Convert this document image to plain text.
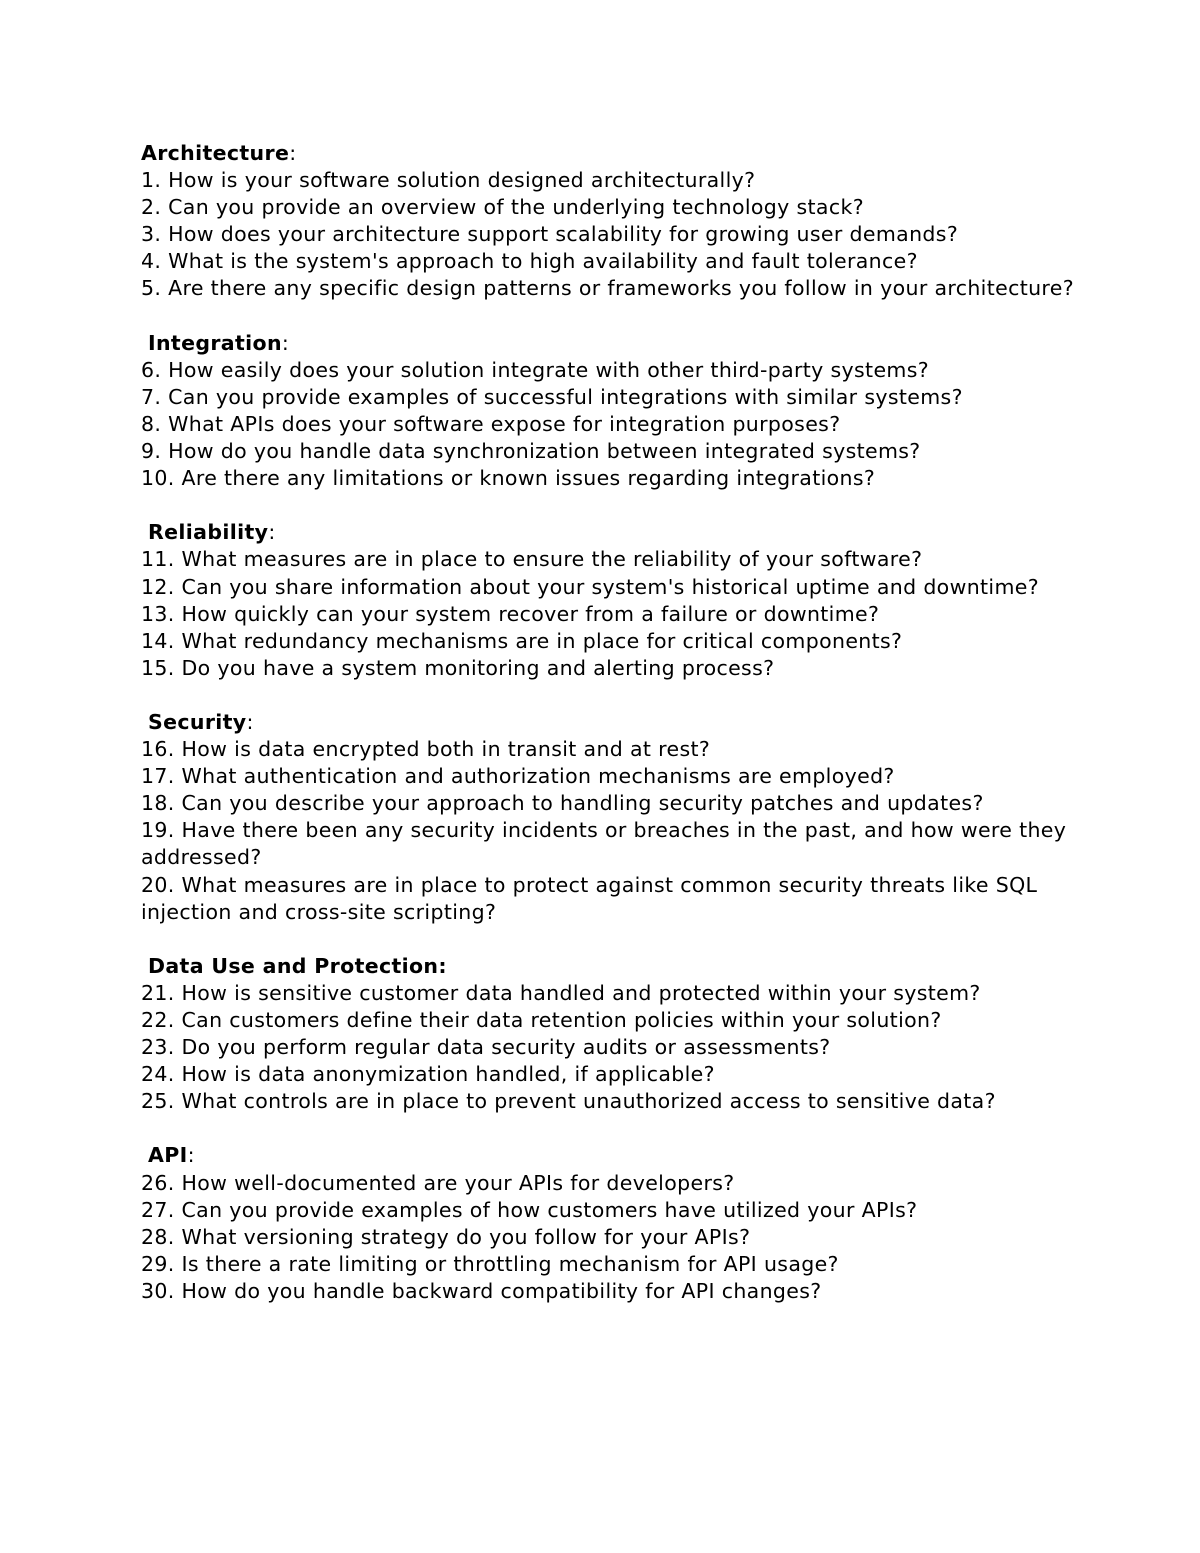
Architecture:

1. How is your software solution designed architecturally?

2. Can you provide an overview of the underlying technology stack?

3. How does your architecture support scalability for growing user demands?

4. What is the system's approach to high availability and fault tolerance?

5. Are there any specific design patterns or frameworks you follow in your architecture?

Integration:

6. How easily does your solution integrate with other third-party systems?

7. Can you provide examples of successful integrations with similar systems?

8. What APIs does your software expose for integration purposes?

9. How do you handle data synchronization between integrated systems?

10. Are there any limitations or known issues regarding integrations?

Reliability:

11. What measures are in place to ensure the reliability of your software?

12. Can you share information about your system's historical uptime and downtime?

13. How quickly can your system recover from a failure or downtime?

14. What redundancy mechanisms are in place for critical components?

15. Do you have a system monitoring and alerting process?

Security:

16. How is data encrypted both in transit and at rest?

17. What authentication and authorization mechanisms are employed?

18. Can you describe your approach to handling security patches and updates?

19. Have there been any security incidents or breaches in the past, and how were they addressed?

20. What measures are in place to protect against common security threats like SQL injection and cross-site scripting?

Data Use and Protection:

21. How is sensitive customer data handled and protected within your system?

22. Can customers define their data retention policies within your solution?

23. Do you perform regular data security audits or assessments?

24. How is data anonymization handled, if applicable?

25. What controls are in place to prevent unauthorized access to sensitive data?

API:

26. How well-documented are your APIs for developers?

27. Can you provide examples of how customers have utilized your APIs?

28. What versioning strategy do you follow for your APIs?

29. Is there a rate limiting or throttling mechanism for API usage?

30. How do you handle backward compatibility for API changes?
